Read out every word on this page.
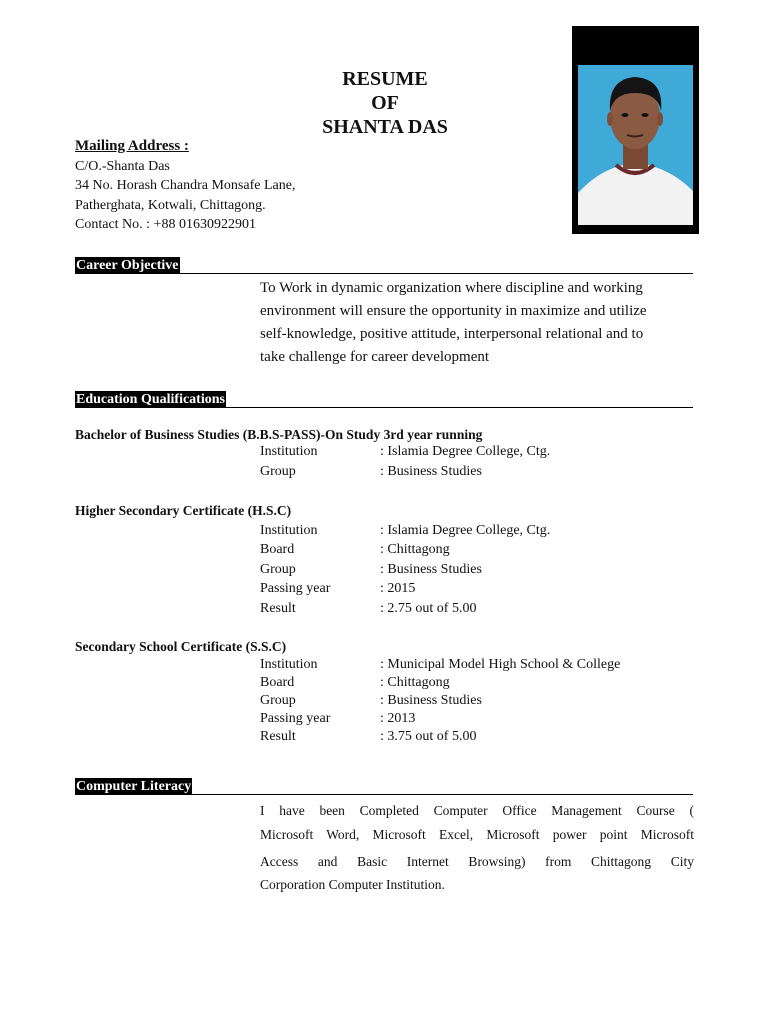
RESUME
OF
SHANTA DAS
Mailing Address :
C/O.-Shanta Das
34 No. Horash Chandra Monsafe Lane,
Patherghata, Kotwali, Chittagong.
Contact No. : +88 01630922901
Career Objective
To Work in dynamic organization where discipline and working
environment will ensure the opportunity in maximize and utilize
self-knowledge, positive attitude, interpersonal relational and to
take challenge for career development
Education Qualifications
Bachelor of Business Studies (B.B.S-PASS)-On Study 3rd year running
Institution	: Islamia Degree College, Ctg.
Group	: Business Studies
Higher Secondary Certificate (H.S.C)
Institution	: Islamia Degree College, Ctg.
Board	: Chittagong
Group	: Business Studies
Passing year	: 2015
Result	: 2.75 out of 5.00
Secondary School Certificate (S.S.C)
Institution	: Municipal Model High School & College
Board	: Chittagong
Group	: Business Studies
Passing year	: 2013
Result	: 3.75 out of 5.00
Computer Literacy
I have been Completed Computer Office Management Course (
Microsoft Word, Microsoft Excel, Microsoft power point Microsoft
Access and Basic Internet Browsing) from Chittagong City
Corporation Computer Institution.
